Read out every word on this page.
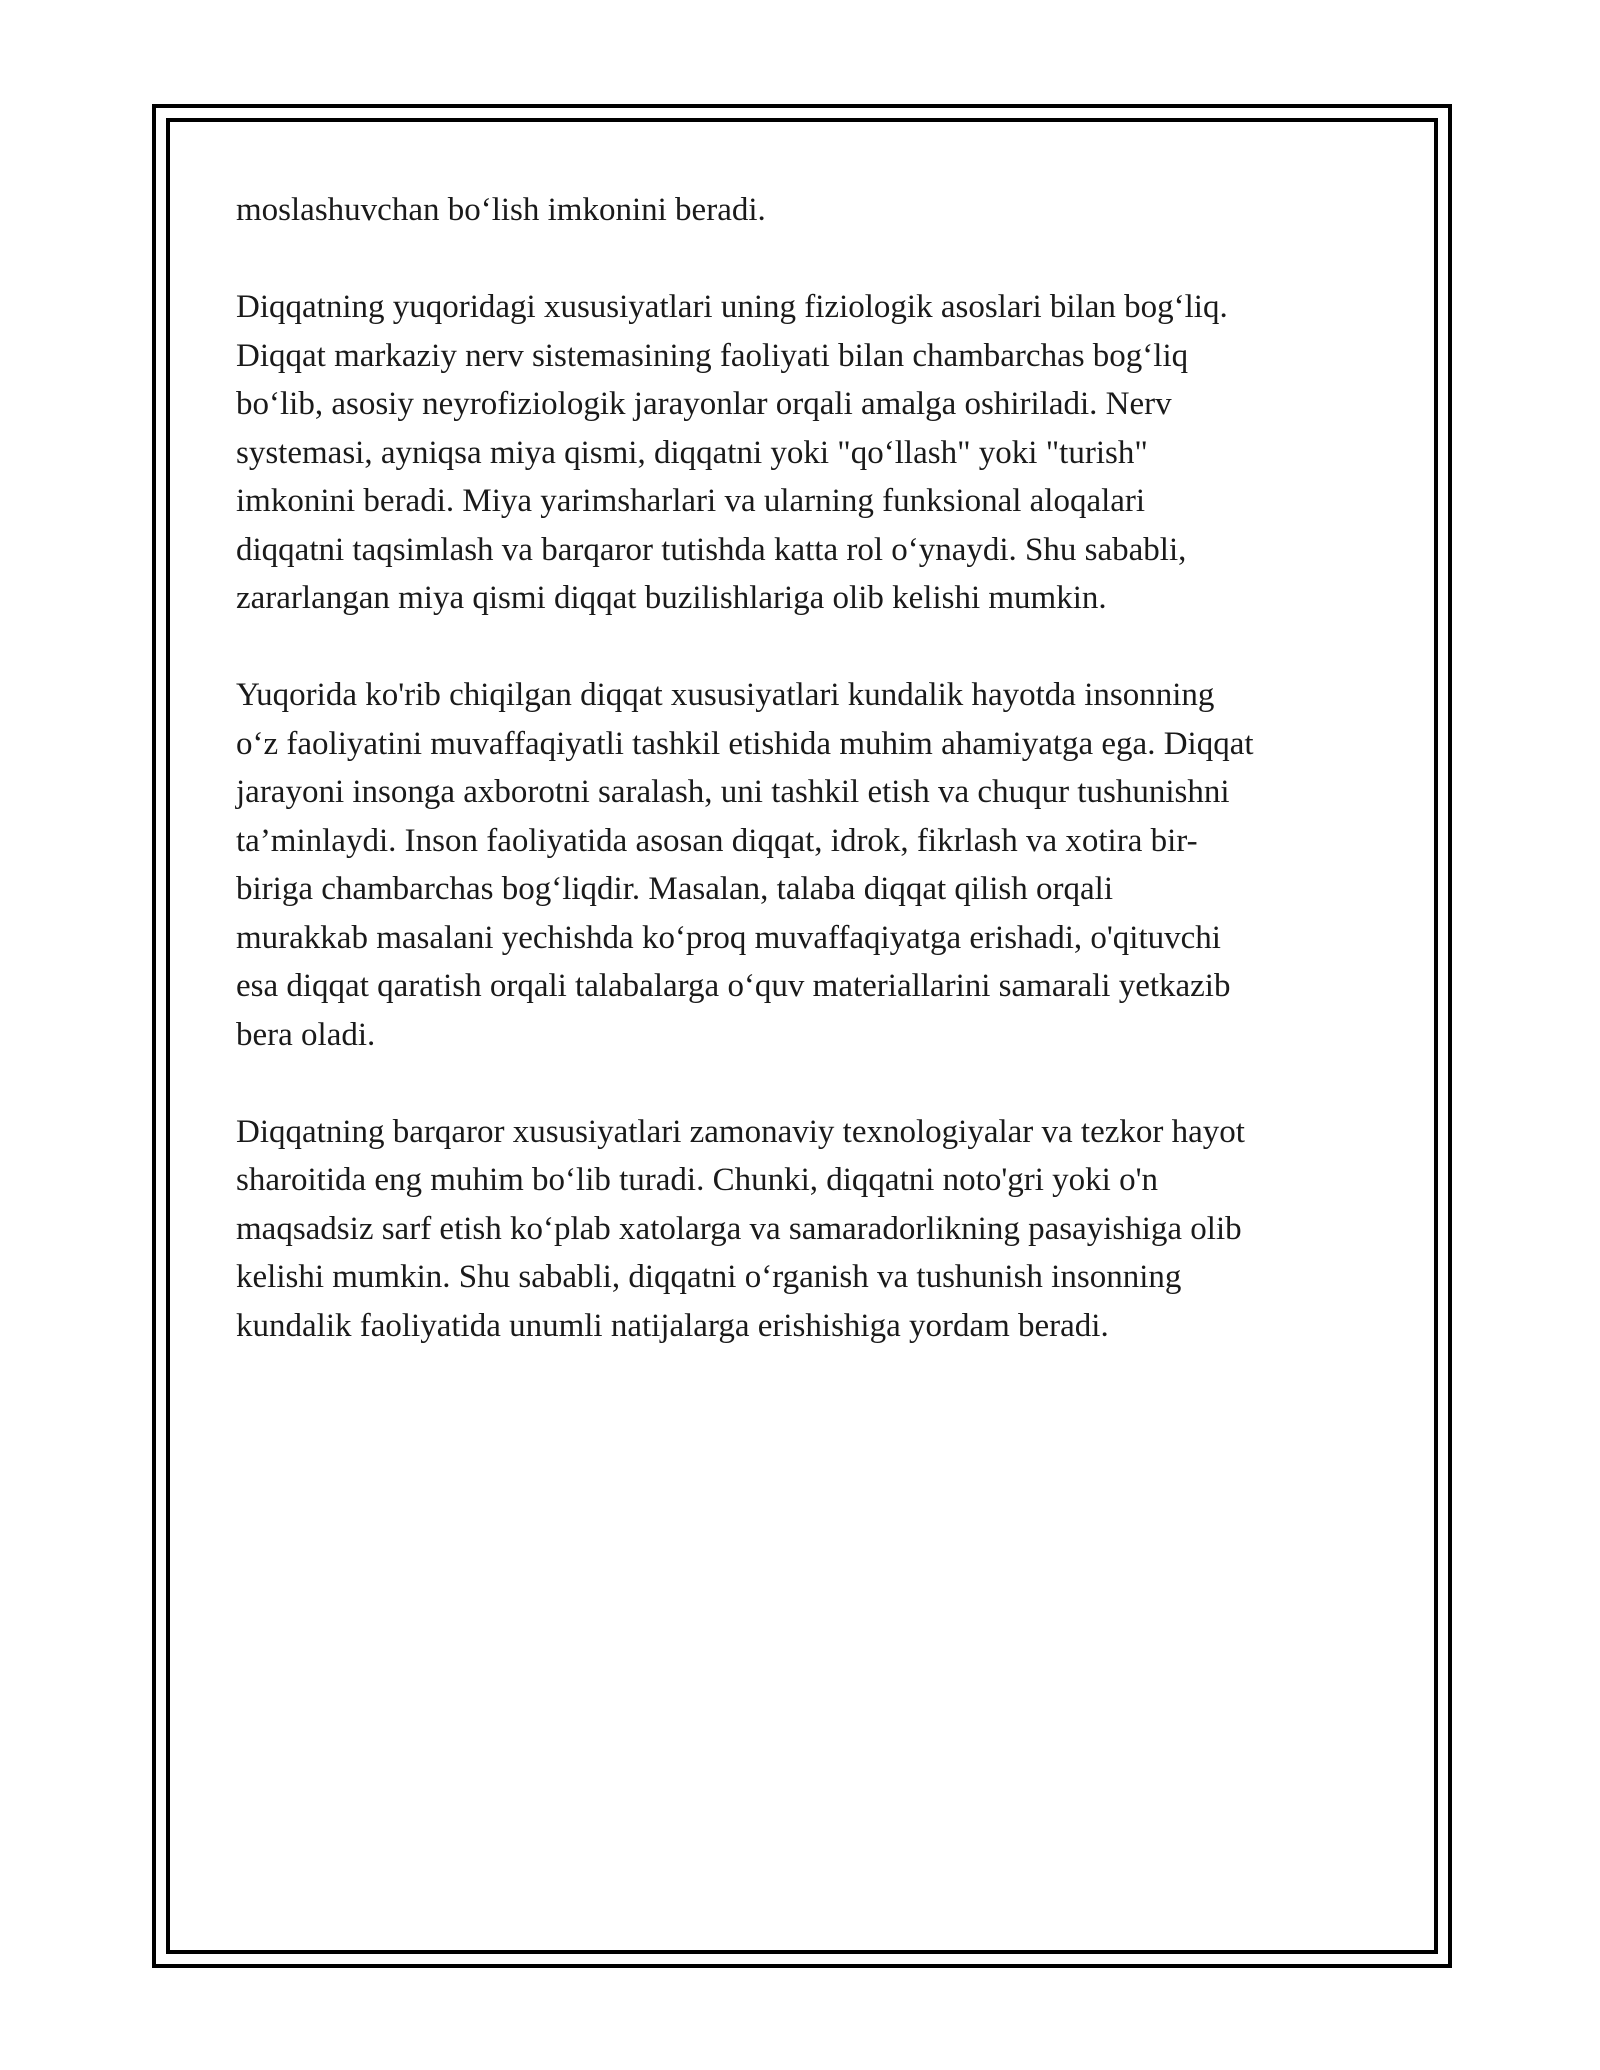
moslashuvchan bo‘lish imkonini beradi.

Diqqatning yuqoridagi xususiyatlari uning fiziologik asoslari bilan bog‘liq.
Diqqat markaziy nerv sistemasining faoliyati bilan chambarchas bog‘liq
bo‘lib, asosiy neyrofiziologik jarayonlar orqali amalga oshiriladi. Nerv
systemasi, ayniqsa miya qismi, diqqatni yoki "qo‘llash" yoki "turish"
imkonini beradi. Miya yarimsharlari va ularning funksional aloqalari
diqqatni taqsimlash va barqaror tutishda katta rol o‘ynaydi. Shu sababli,
zararlangan miya qismi diqqat buzilishlariga olib kelishi mumkin.

Yuqorida ko'rib chiqilgan diqqat xususiyatlari kundalik hayotda insonning
o‘z faoliyatini muvaffaqiyatli tashkil etishida muhim ahamiyatga ega. Diqqat
jarayoni insonga axborotni saralash, uni tashkil etish va chuqur tushunishni
ta’minlaydi. Inson faoliyatida asosan diqqat, idrok, fikrlash va xotira bir-
biriga chambarchas bog‘liqdir. Masalan, talaba diqqat qilish orqali
murakkab masalani yechishda ko‘proq muvaffaqiyatga erishadi, o'qituvchi
esa diqqat qaratish orqali talabalarga o‘quv materiallarini samarali yetkazib
bera oladi.

Diqqatning barqaror xususiyatlari zamonaviy texnologiyalar va tezkor hayot
sharoitida eng muhim bo‘lib turadi. Chunki, diqqatni noto'gri yoki o'n
maqsadsiz sarf etish ko‘plab xatolarga va samaradorlikning pasayishiga olib
kelishi mumkin. Shu sababli, diqqatni o‘rganish va tushunish insonning
kundalik faoliyatida unumli natijalarga erishishiga yordam beradi.
